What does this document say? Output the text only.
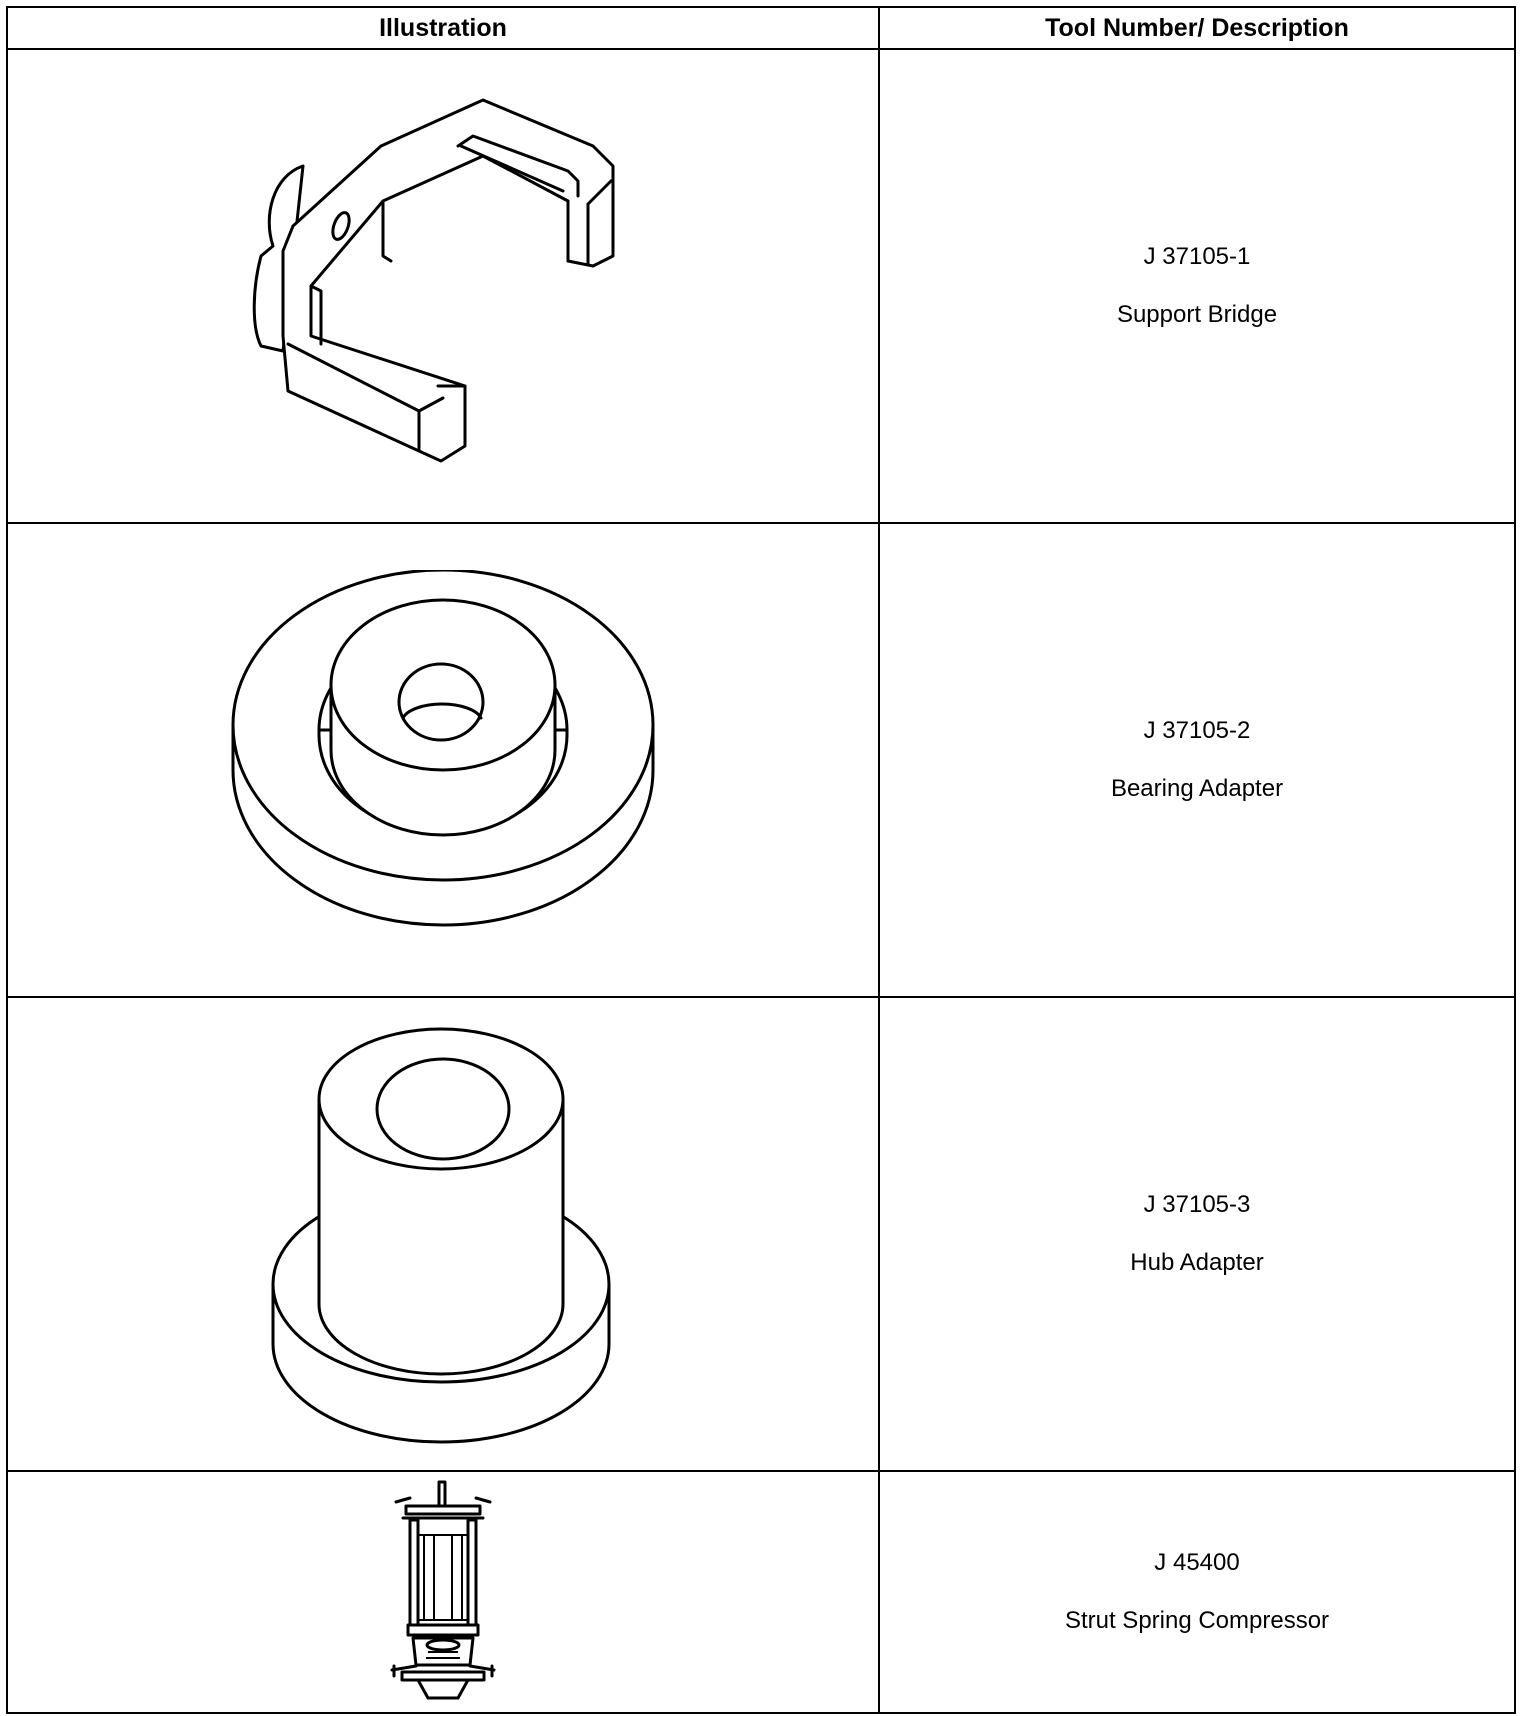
Illustration	Tool Number/ Description

J 37105-1
Support Bridge

J 37105-2
Bearing Adapter

J 37105-3
Hub Adapter

J 45400
Strut Spring Compressor
